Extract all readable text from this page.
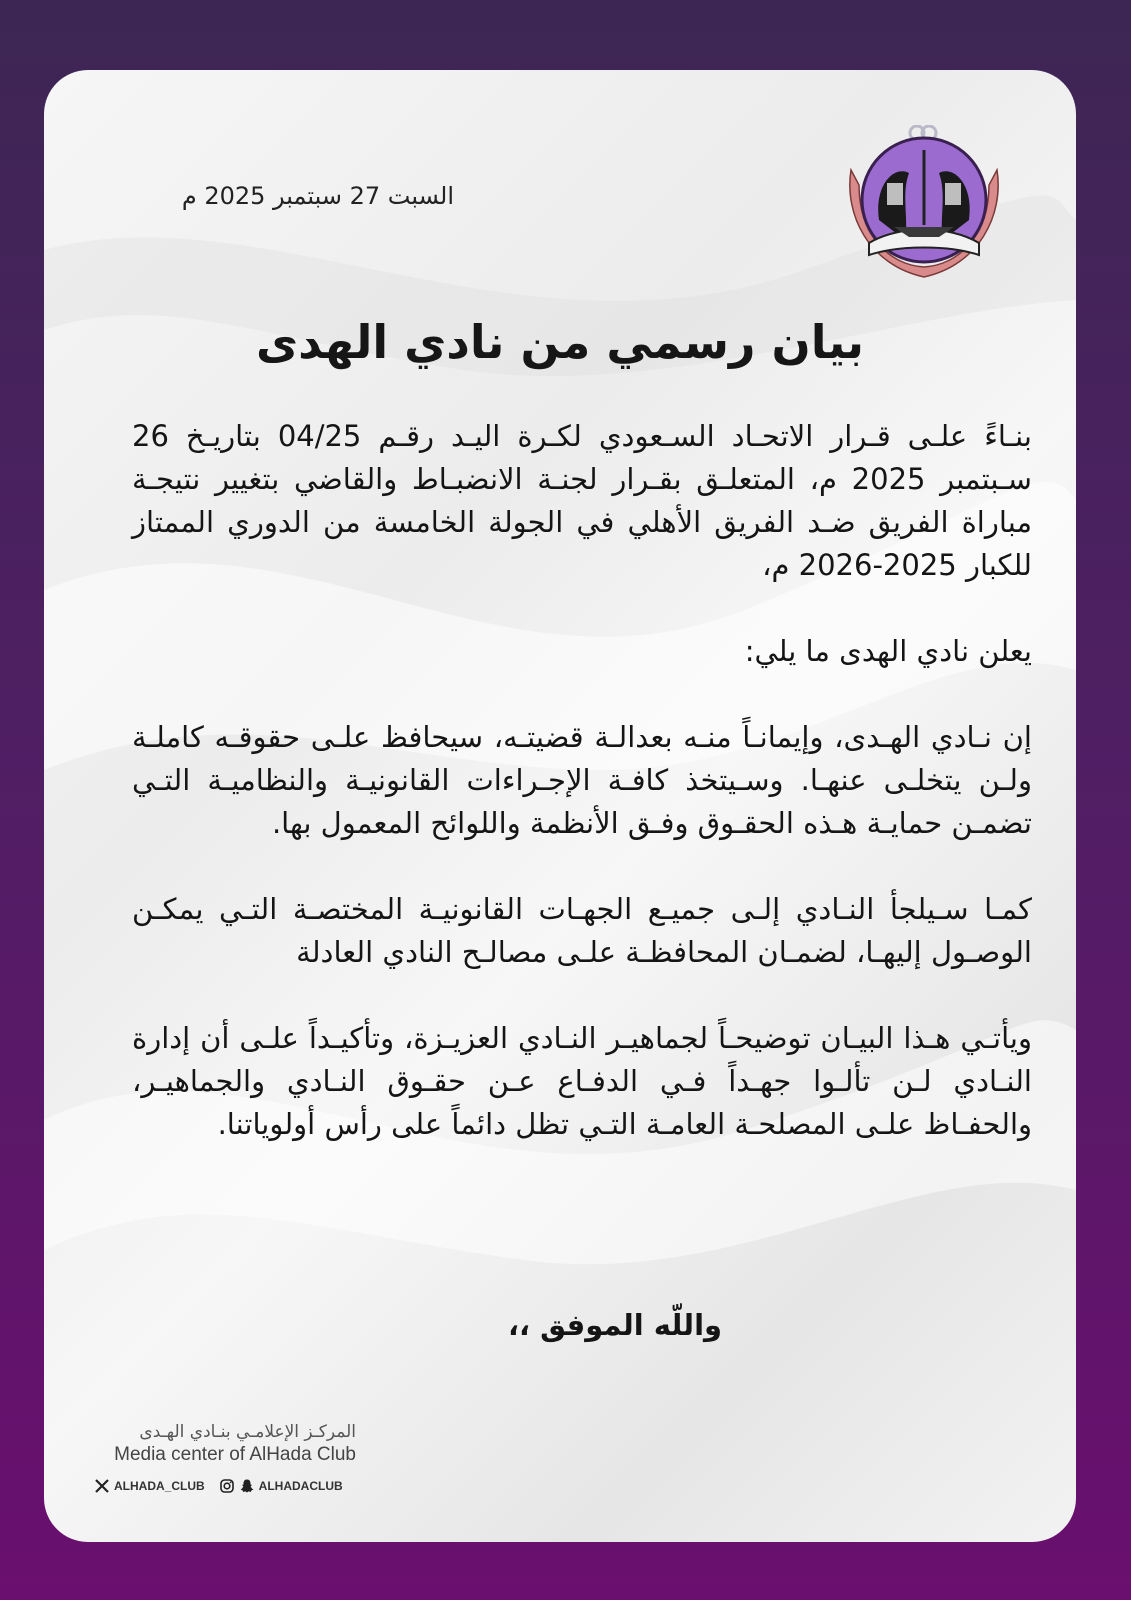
السبت 27 سبتمبر 2025 م
بيان رسمي من نادي الهدى

بنـاءً علـى قـرار الاتحـاد السـعودي لكـرة اليـد رقـم 04/25 بتاريـخ 26 سـبتمبر 2025 م، المتعلـق بقـرار لجنـة الانضبـاط والقاضي بتغيير نتيجـة مباراة الفريق ضـد الفريق الأهلي في الجولة الخامسة من الدوري الممتاز للكبار 2025-2026 م،

يعلن نادي الهدى ما يلي:

إن نـادي الهـدى، وإيمانـاً منـه بعدالـة قضيتـه، سيحافظ علـى حقوقـه كاملـة ولـن يتخلـى عنهـا. وسـيتخذ كافـة الإجـراءات القانونيـة والنظاميـة التـي تضمـن حمايـة هـذه الحقـوق وفـق الأنظمة واللوائح المعمول بها.

كمـا سـيلجأ النـادي إلـى جميـع الجهـات القانونيـة المختصـة التـي يمكـن الوصـول إليهـا، لضمـان المحافظـة علـى مصالـح النادي العادلة

ويأتـي هـذا البيـان توضيحـاً لجماهيـر النـادي العزيـزة، وتأكيـداً علـى أن إدارة النـادي لـن تألـوا جهـداً فـي الدفـاع عـن حقـوق النـادي والجماهيـر، والحفـاظ علـى المصلحـة العامـة التـي تظل دائماً على رأس أولوياتنا.

واللّه الموفق ،،
المركـز الإعلامـي بنـادي الهـدى
Media center of AlHada Club
ALHADA_CLUB	ALHADACLUB
